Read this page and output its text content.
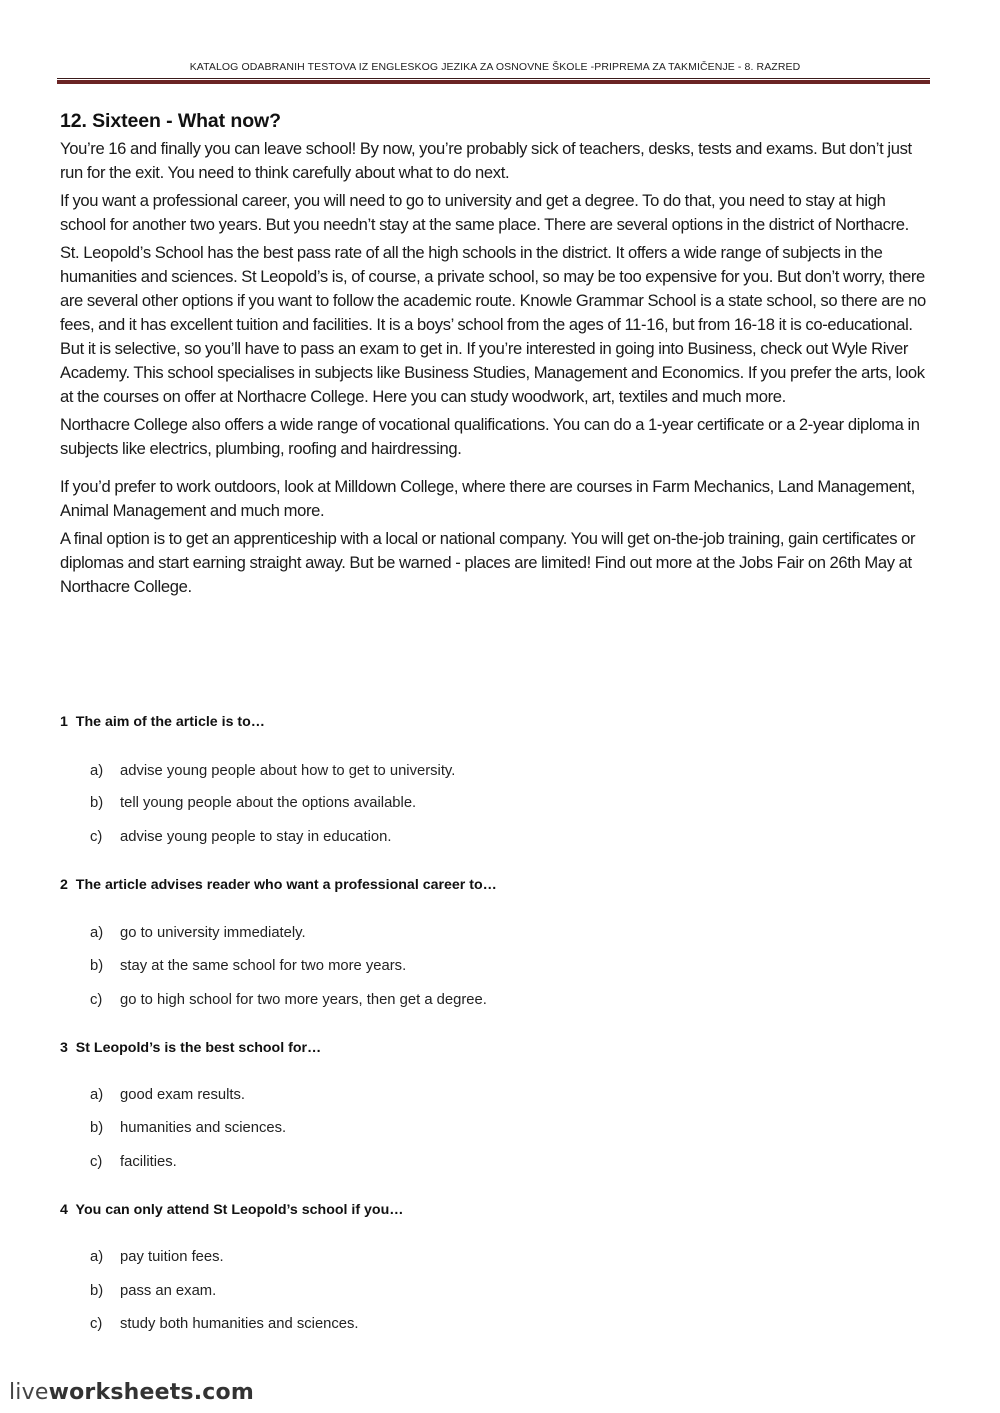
KATALOG ODABRANIH TESTOVA IZ ENGLESKOG JEZIKA ZA OSNOVNE ŠKOLE -PRIPREMA ZA TAKMIČENJE - 8. RAZRED
12. Sixteen - What now?

You’re 16 and finally you can leave school! By now, you’re probably sick of teachers, desks, tests and exams. But don’t just run for the exit. You need to think carefully about what to do next.

If you want a professional career, you will need to go to university and get a degree. To do that, you need to stay at high school for another two years. But you needn’t stay at the same place. There are several options in the district of Northacre.

St. Leopold’s School has the best pass rate of all the high schools in the district. It offers a wide range of subjects in the humanities and sciences. St Leopold’s is, of course, a private school, so may be too expensive for you. But don’t worry, there are several other options if you want to follow the academic route. Knowle Grammar School is a state school, so there are no fees, and it has excellent tuition and facilities. It is a boys’ school from the ages of 11-16, but from 16-18 it is co-educational. But it is selective, so you’ll have to pass an exam to get in. If you’re interested in going into Business, check out Wyle River Academy. This school specialises in subjects like Business Studies, Management and Economics. If you prefer the arts, look at the courses on offer at Northacre College. Here you can study woodwork, art, textiles and much more.

Northacre College also offers a wide range of vocational qualifications. You can do a 1-year certificate or a 2-year diploma in subjects like electrics, plumbing, roofing and hairdressing.

If you’d prefer to work outdoors, look at Milldown College, where there are courses in Farm Mechanics, Land Management, Animal Management and much more.

A final option is to get an apprenticeship with a local or national company. You will get on-the-job training, gain certificates or diplomas and start earning straight away. But be warned - places are limited! Find out more at the Jobs Fair on 26th May at Northacre College.

1 The aim of the article is to…
a)	advise young people about how to get to university.
b)	tell young people about the options available.
c)	advise young people to stay in education.
2 The article advises reader who want a professional career to…
a)	go to university immediately.
b)	stay at the same school for two more years.
c)	go to high school for two more years, then get a degree.
3 St Leopold’s is the best school for…
a)	good exam results.
b)	humanities and sciences.
c)	facilities.
4 You can only attend St Leopold’s school if you…
a)	pay tuition fees.
b)	pass an exam.
c)	study both humanities and sciences.
liveworksheets.com
